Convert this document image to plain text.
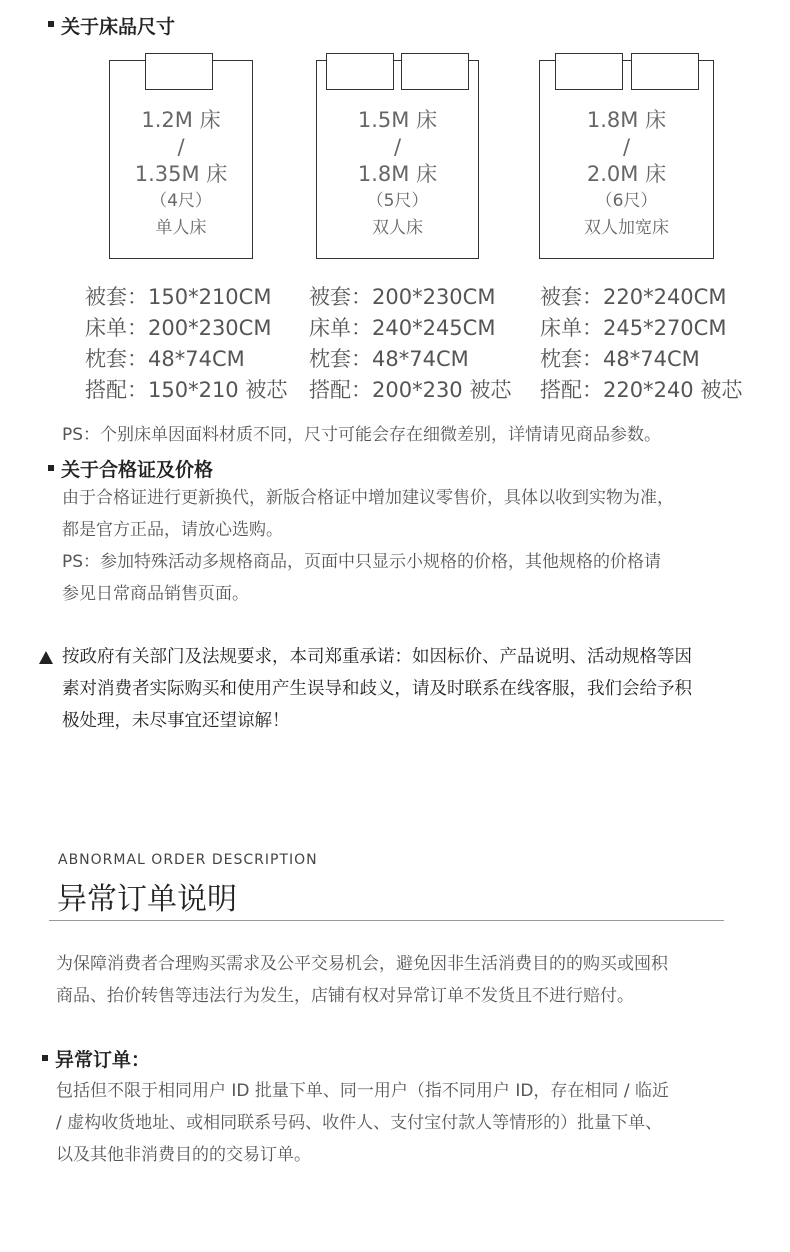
关于床品尺寸
1.2M 床
/
1.35M 床
（4尺）
单人床
1.5M 床
/
1.8M 床
（5尺）
双人床
1.8M 床
/
2.0M 床
（6尺）
双人加宽床
被套：150*210CM
床单：200*230CM
枕套：48*74CM
搭配：150*210 被芯
被套：200*230CM
床单：240*245CM
枕套：48*74CM
搭配：200*230 被芯
被套：220*240CM
床单：245*270CM
枕套：48*74CM
搭配：220*240 被芯
PS：个别床单因面料材质不同，尺寸可能会存在细微差别，详情请见商品参数。
关于合格证及价格
由于合格证进行更新换代，新版合格证中增加建议零售价，具体以收到实物为准，
都是官方正品，请放心选购。
PS：参加特殊活动多规格商品，页面中只显示小规格的价格，其他规格的价格请
参见日常商品销售页面。
按政府有关部门及法规要求，本司郑重承诺：如因标价、产品说明、活动规格等因
素对消费者实际购买和使用产生误导和歧义，请及时联系在线客服，我们会给予积
极处理，未尽事宜还望谅解！
ABNORMAL ORDER DESCRIPTION
异常订单说明
为保障消费者合理购买需求及公平交易机会，避免因非生活消费目的的购买或囤积
商品、抬价转售等违法行为发生，店铺有权对异常订单不发货且不进行赔付。
异常订单：
包括但不限于相同用户 ID 批量下单、同一用户（指不同用户 ID，存在相同 / 临近
/ 虚构收货地址、或相同联系号码、收件人、支付宝付款人等情形的）批量下单、
以及其他非消费目的的交易订单。
